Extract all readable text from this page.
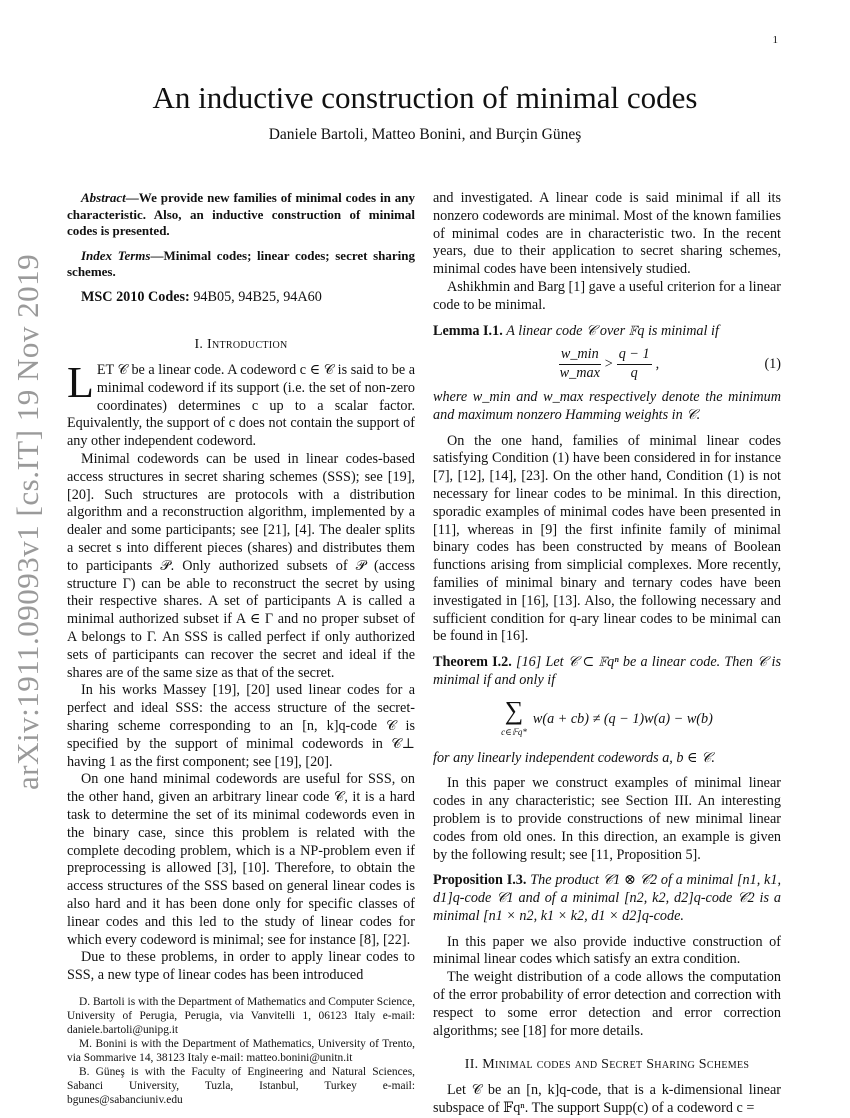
1
arXiv:1911.09093v1 [cs.IT] 19 Nov 2019
An inductive construction of minimal codes
Daniele Bartoli, Matteo Bonini, and Burçin Güneş

Abstract—We provide new families of minimal codes in any characteristic. Also, an inductive construction of minimal codes is presented.

Index Terms—Minimal codes; linear codes; secret sharing schemes.

MSC 2010 Codes: 94B05, 94B25, 94A60

I. Introduction

LET 𝒞 be a linear code. A codeword c ∈ 𝒞 is said to be a minimal codeword if its support (i.e. the set of non-zero coordinates) determines c up to a scalar factor. Equivalently, the support of c does not contain the support of any other independent codeword.

Minimal codewords can be used in linear codes-based access structures in secret sharing schemes (SSS); see [19], [20]. Such structures are protocols with a distribution algorithm and a reconstruction algorithm, implemented by a dealer and some participants; see [21], [4]. The dealer splits a secret s into different pieces (shares) and distributes them to participants 𝒫. Only authorized subsets of 𝒫 (access structure Γ) can be able to reconstruct the secret by using their respective shares. A set of participants A is called a minimal authorized subset if A ∈ Γ and no proper subset of A belongs to Γ. An SSS is called perfect if only authorized sets of participants can recover the secret and ideal if the shares are of the same size as that of the secret.

In his works Massey [19], [20] used linear codes for a perfect and ideal SSS: the access structure of the secret-sharing scheme corresponding to an [n, k]q-code 𝒞 is specified by the support of minimal codewords in 𝒞⊥ having 1 as the first component; see [19], [20].

On one hand minimal codewords are useful for SSS, on the other hand, given an arbitrary linear code 𝒞, it is a hard task to determine the set of its minimal codewords even in the binary case, since this problem is related with the complete decoding problem, which is a NP-problem even if preprocessing is allowed [3], [10]. Therefore, to obtain the access structures of the SSS based on general linear codes is also hard and it has been done only for specific classes of linear codes and this led to the study of linear codes for which every codeword is minimal; see for instance [8], [22].

Due to these problems, in order to apply linear codes to SSS, a new type of linear codes has been introduced

D. Bartoli is with the Department of Mathematics and Computer Science, University of Perugia, Perugia, via Vanvitelli 1, 06123 Italy e-mail: daniele.bartoli@unipg.it

M. Bonini is with the Department of Mathematics, University of Trento, via Sommarive 14, 38123 Italy e-mail: matteo.bonini@unitn.it

B. Güneş is with the Faculty of Engineering and Natural Sciences, Sabanci University, Tuzla, Istanbul, Turkey e-mail: bgunes@sabanciuniv.edu

and investigated. A linear code is said minimal if all its nonzero codewords are minimal. Most of the known families of minimal codes are in characteristic two. In the recent years, due to their application to secret sharing schemes, minimal codes have been intensively studied.

Ashikhmin and Barg [1] gave a useful criterion for a linear code to be minimal.

Lemma I.1. A linear code 𝒞 over 𝔽q is minimal if

$\frac{w\_\min}{w\_\max} > \frac{q - 1}{q}$ ,	(1)

where w_min and w_max respectively denote the minimum and maximum nonzero Hamming weights in 𝒞.

On the one hand, families of minimal linear codes satisfying Condition (1) have been considered in for instance [7], [12], [14], [23]. On the other hand, Condition (1) is not necessary for linear codes to be minimal. In this direction, sporadic examples of minimal codes have been presented in [11], whereas in [9] the first infinite family of minimal binary codes has been constructed by means of Boolean functions arising from simplicial complexes. More recently, families of minimal binary and ternary codes have been investigated in [16], [13]. Also, the following necessary and sufficient condition for q-ary linear codes to be minimal can be found in [16].

Theorem I.2. [16] Let 𝒞 ⊂ 𝔽qⁿ be a linear code. Then 𝒞 is minimal if and only if

∑
c∈𝔽q*
w(a + cb) ≠ (q − 1)w(a) − w(b)

for any linearly independent codewords a, b ∈ 𝒞.

In this paper we construct examples of minimal linear codes in any characteristic; see Section III. An interesting problem is to provide constructions of new minimal linear codes from old ones. In this direction, an example is given by the following result; see [11, Proposition 5].

Proposition I.3. The product 𝒞1 ⊗ 𝒞2 of a minimal [n1, k1, d1]q-code 𝒞1 and of a minimal [n2, k2, d2]q-code 𝒞2 is a minimal [n1 × n2, k1 × k2, d1 × d2]q-code.

In this paper we also provide inductive construction of minimal linear codes which satisfy an extra condition.

The weight distribution of a code allows the computation of the error probability of error detection and correction with respect to some error detection and error correction algorithms; see [18] for more details.

II. Minimal codes and Secret Sharing Schemes

Let 𝒞 be an [n, k]q-code, that is a k-dimensional linear subspace of 𝔽qⁿ. The support Supp(c) of a codeword c =
